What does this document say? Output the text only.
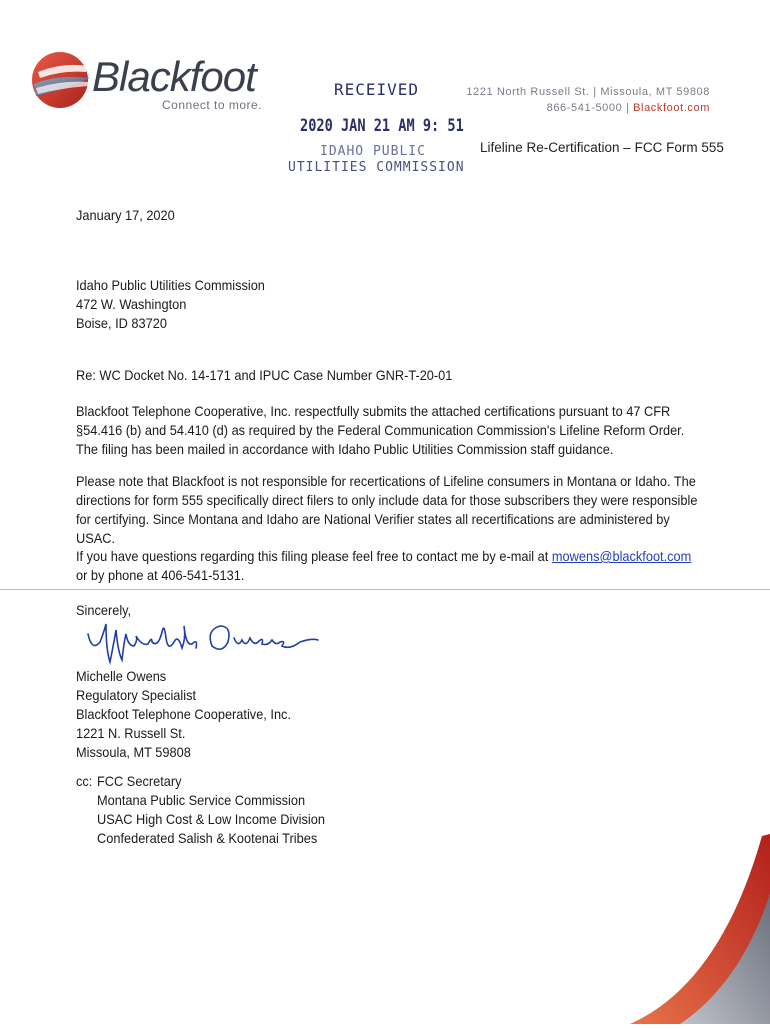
Blackfoot
Connect to more.
1221 North Russell St. | Missoula, MT 59808
866-541-5000 | Blackfoot.com
RECEIVED
2020 JAN 21 AM 9: 51
IDAHO PUBLIC
UTILITIES COMMISSION
Lifeline Re-Certification – FCC Form 555
January 17, 2020
Idaho Public Utilities Commission
472 W. Washington
Boise, ID 83720
Re: WC Docket No. 14-171 and IPUC Case Number GNR-T-20-01
Blackfoot Telephone Cooperative, Inc. respectfully submits the attached certifications pursuant to 47 CFR §54.416 (b) and 54.410 (d) as required by the Federal Communication Commission's Lifeline Reform Order. The filing has been mailed in accordance with Idaho Public Utilities Commission staff guidance.
Please note that Blackfoot is not responsible for recertications of Lifeline consumers in Montana or Idaho. The directions for form 555 specifically direct filers to only include data for those subscribers they were responsible for certifying. Since Montana and Idaho are National Verifier states all recertifications are administered by USAC.
If you have questions regarding this filing please feel free to contact me by e-mail at mowens@blackfoot.com or by phone at 406-541-5131.
Sincerely,
Michelle Owens
Regulatory Specialist
Blackfoot Telephone Cooperative, Inc.
1221 N. Russell St.
Missoula, MT 59808
cc: FCC Secretary
Montana Public Service Commission
USAC High Cost & Low Income Division
Confederated Salish & Kootenai Tribes
